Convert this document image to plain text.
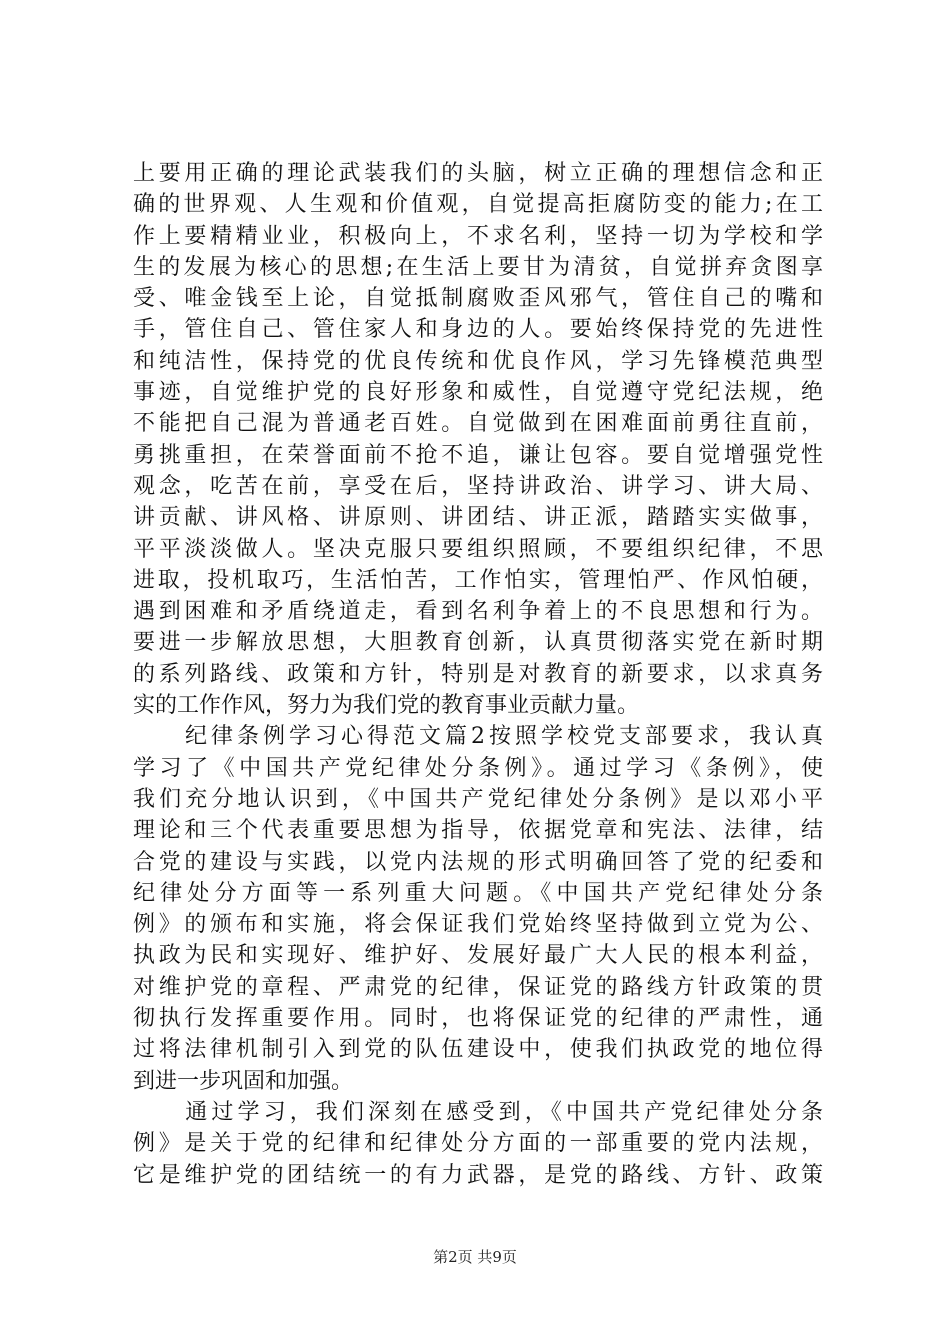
上要用正确的理论武装我们的头脑，树立正确的理想信念和正
确的世界观、人生观和价值观，自觉提高拒腐防变的能力;在工
作上要精精业业，积极向上，不求名利，坚持一切为学校和学
生的发展为核心的思想;在生活上要甘为清贫，自觉拼弃贪图享
受、唯金钱至上论，自觉抵制腐败歪风邪气，管住自己的嘴和
手，管住自己、管住家人和身边的人。要始终保持党的先进性
和纯洁性，保持党的优良传统和优良作风，学习先锋模范典型
事迹，自觉维护党的良好形象和威性，自觉遵守党纪法规，绝
不能把自己混为普通老百姓。自觉做到在困难面前勇往直前，
勇挑重担，在荣誉面前不抢不追，谦让包容。要自觉增强党性
观念，吃苦在前，享受在后，坚持讲政治、讲学习、讲大局、
讲贡献、讲风格、讲原则、讲团结、讲正派，踏踏实实做事，
平平淡淡做人。坚决克服只要组织照顾，不要组织纪律，不思
进取，投机取巧，生活怕苦，工作怕实，管理怕严、作风怕硬，
遇到困难和矛盾绕道走，看到名利争着上的不良思想和行为。
要进一步解放思想，大胆教育创新，认真贯彻落实党在新时期
的系列路线、政策和方针，特别是对教育的新要求，以求真务
实的工作作风，努力为我们党的教育事业贡献力量。
　　纪律条例学习心得范文篇2按照学校党支部要求，我认真
学习了《中国共产党纪律处分条例》。通过学习《条例》，使
我们充分地认识到，《中国共产党纪律处分条例》是以邓小平
理论和三个代表重要思想为指导，依据党章和宪法、法律，结
合党的建设与实践，以党内法规的形式明确回答了党的纪委和
纪律处分方面等一系列重大问题。《中国共产党纪律处分条
例》的颁布和实施，将会保证我们党始终坚持做到立党为公、
执政为民和实现好、维护好、发展好最广大人民的根本利益，
对维护党的章程、严肃党的纪律，保证党的路线方针政策的贯
彻执行发挥重要作用。同时，也将保证党的纪律的严肃性，通
过将法律机制引入到党的队伍建设中，使我们执政党的地位得
到进一步巩固和加强。
　　通过学习，我们深刻在感受到，《中国共产党纪律处分条
例》是关于党的纪律和纪律处分方面的一部重要的党内法规，
它是维护党的团结统一的有力武器，是党的路线、方针、政策
第2页 共9页
